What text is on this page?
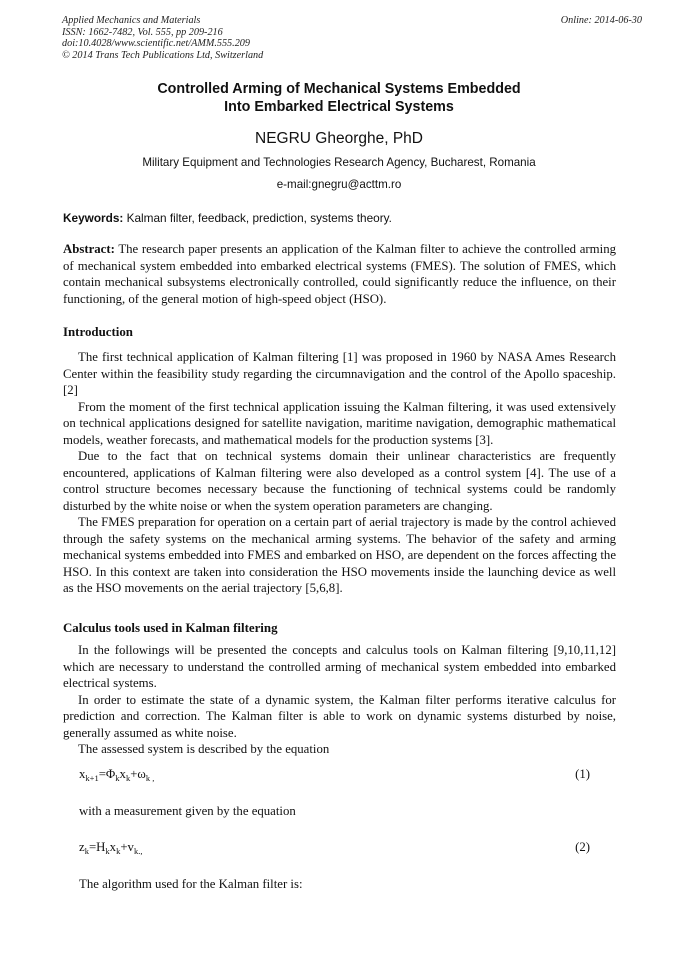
Applied Mechanics and Materials
ISSN: 1662-7482, Vol. 555, pp 209-216
doi:10.4028/www.scientific.net/AMM.555.209
© 2014 Trans Tech Publications Ltd, Switzerland
Online: 2014-06-30
Controlled Arming of Mechanical Systems Embedded
Into Embarked Electrical Systems
NEGRU Gheorghe, PhD
Military Equipment and Technologies Research Agency, Bucharest, Romania
e-mail:gnegru@acttm.ro
Keywords: Kalman filter, feedback, prediction, systems theory.

Abstract: The research paper presents an application of the Kalman filter to achieve the controlled arming of mechanical system embedded into embarked electrical systems (FMES). The solution of FMES, which contain mechanical subsystems electronically controlled, could significantly reduce the influence, on their functioning, of the general motion of high-speed object (HSO).

Introduction

The first technical application of Kalman filtering [1] was proposed in 1960 by NASA Ames Research Center within the feasibility study regarding the circumnavigation and the control of the Apollo spaceship. [2]

From the moment of the first technical application issuing the Kalman filtering, it was used extensively on technical applications designed for satellite navigation, maritime navigation, demographic mathematical models, weather forecasts, and mathematical models for the production systems [3].

Due to the fact that on technical systems domain their unlinear characteristics are frequently encountered, applications of Kalman filtering were also developed as a control system [4]. The use of a control structure becomes necessary because the functioning of technical systems could be randomly disturbed by the white noise or when the system operation parameters are changing.

The FMES preparation for operation on a certain part of aerial trajectory is made by the control achieved through the safety systems on the mechanical arming systems. The behavior of the safety and arming mechanical systems embedded into FMES and embarked on HSO, are dependent on the forces affecting the HSO. In this context are taken into consideration the HSO movements inside the launching device as well as the HSO movements on the aerial trajectory [5,6,8].

Calculus tools used in Kalman filtering

In the followings will be presented the concepts and calculus tools on Kalman filtering [9,10,11,12] which are necessary to understand the controlled arming of mechanical system embedded into embarked electrical systems.

In order to estimate the state of a dynamic system, the Kalman filter performs iterative calculus for prediction and correction. The Kalman filter is able to work on dynamic systems disturbed by noise, generally assumed as white noise.

The assessed system is described by the equation

$x_{k+1}=\Phi_kx_k+\omega_{k ,}$	(1)
with a measurement given by the equation
$z_k=H_kx_k+v_{k.,}$	(2)
The algorithm used for the Kalman filter is:
